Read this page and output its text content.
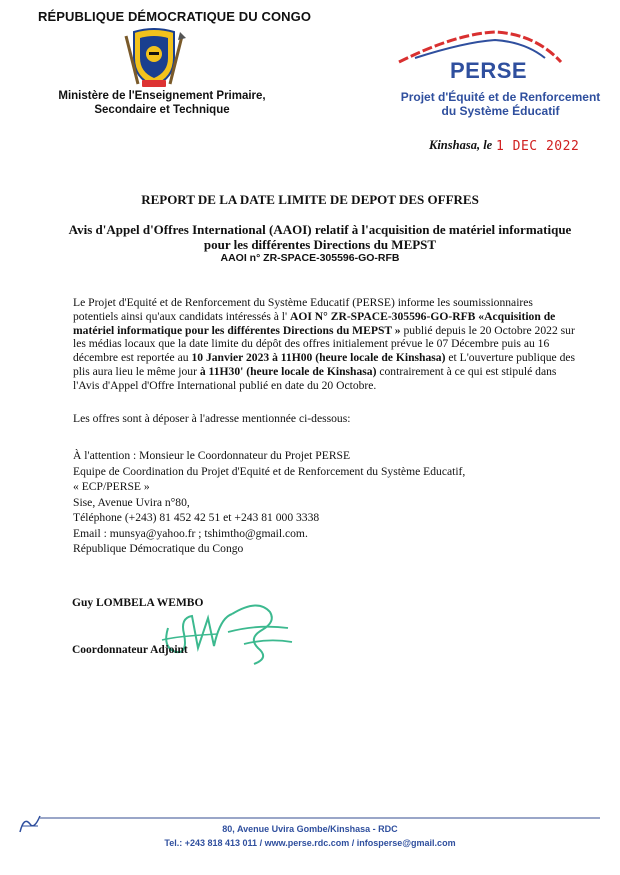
RÉPUBLIQUE DÉMOCRATIQUE DU CONGO
Ministère de l'Enseignement Primaire,
Secondaire et Technique
PERSE
Projet d'Équité et de Renforcement
du Système Éducatif
Kinshasa, le 1 DEC 2022
REPORT DE LA DATE LIMITE DE DEPOT DES OFFRES
Avis d'Appel d'Offres International (AAOI) relatif à l'acquisition de matériel informatique
pour les différentes Directions du MEPST
AAOI n° ZR-SPACE-305596-GO-RFB
Le Projet d'Equité et de Renforcement du Système Educatif (PERSE) informe les soumissionnaires potentiels ainsi qu'aux candidats intéressés à l' AOI N° ZR-SPACE-305596-GO-RFB «Acquisition de matériel informatique pour les différentes Directions du MEPST » publié depuis le 20 Octobre 2022 sur les médias locaux que la date limite du dépôt des offres initialement prévue le 07 Décembre puis au 16 décembre est reportée au 10 Janvier 2023 à 11H00 (heure locale de Kinshasa) et L'ouverture publique des plis aura lieu le même jour à 11H30' (heure locale de Kinshasa) contrairement à ce qui est stipulé dans l'Avis d'Appel d'Offre International publié en date du 20 Octobre.
Les offres sont à déposer à l'adresse mentionnée ci-dessous:
À l'attention : Monsieur le Coordonnateur du Projet PERSE
Equipe de Coordination du Projet d'Equité et de Renforcement du Système Educatif,
« ECP/PERSE »
Sise, Avenue Uvira n°80,
Téléphone (+243) 81 452 42 51 et +243 81 000 3338
Email : munsya@yahoo.fr ; tshimtho@gmail.com.
République Démocratique du Congo
Guy LOMBELA WEMBO
Coordonnateur Adjoint
80, Avenue Uvira Gombe/Kinshasa - RDC
Tel.: +243 818 413 011 / www.perse.rdc.com / infosperse@gmail.com
